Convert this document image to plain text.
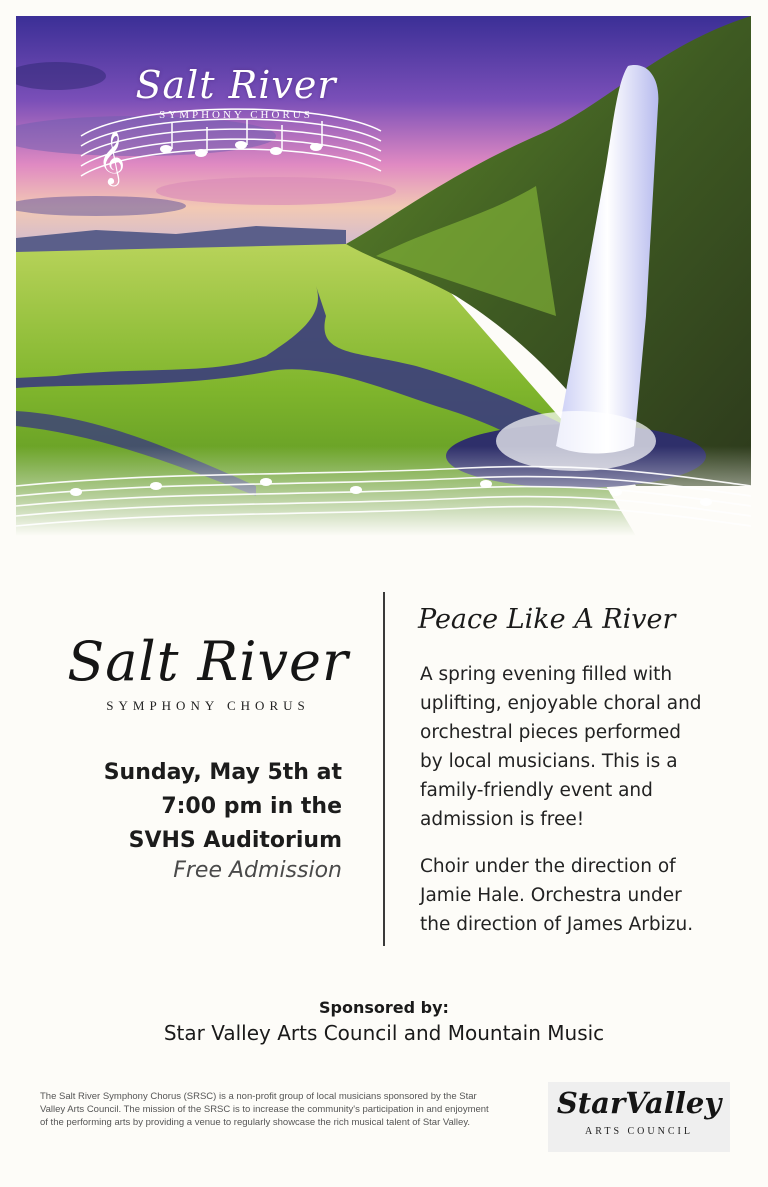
𝄞
Salt River
SYMPHONY CHORUS
Salt River
SYMPHONY CHORUS
Sunday, May 5th at
7:00 pm in the
SVHS Auditorium
Free Admission
Peace Like A River
A spring evening filled with
uplifting, enjoyable choral and
orchestral pieces performed
by local musicians. This is a
family-friendly event and
admission is free!
Choir under the direction of
Jamie Hale. Orchestra under
the direction of James Arbizu.
Sponsored by:
Star Valley Arts Council and Mountain Music
The Salt River Symphony Chorus (SRSC) is a non-profit group of local musicians sponsored by the Star
Valley Arts Council. The mission of the SRSC is to increase the community's participation in and enjoyment
of the performing arts by providing a venue to regularly showcase the rich musical talent of Star Valley.
StarValley
ARTS COUNCIL
